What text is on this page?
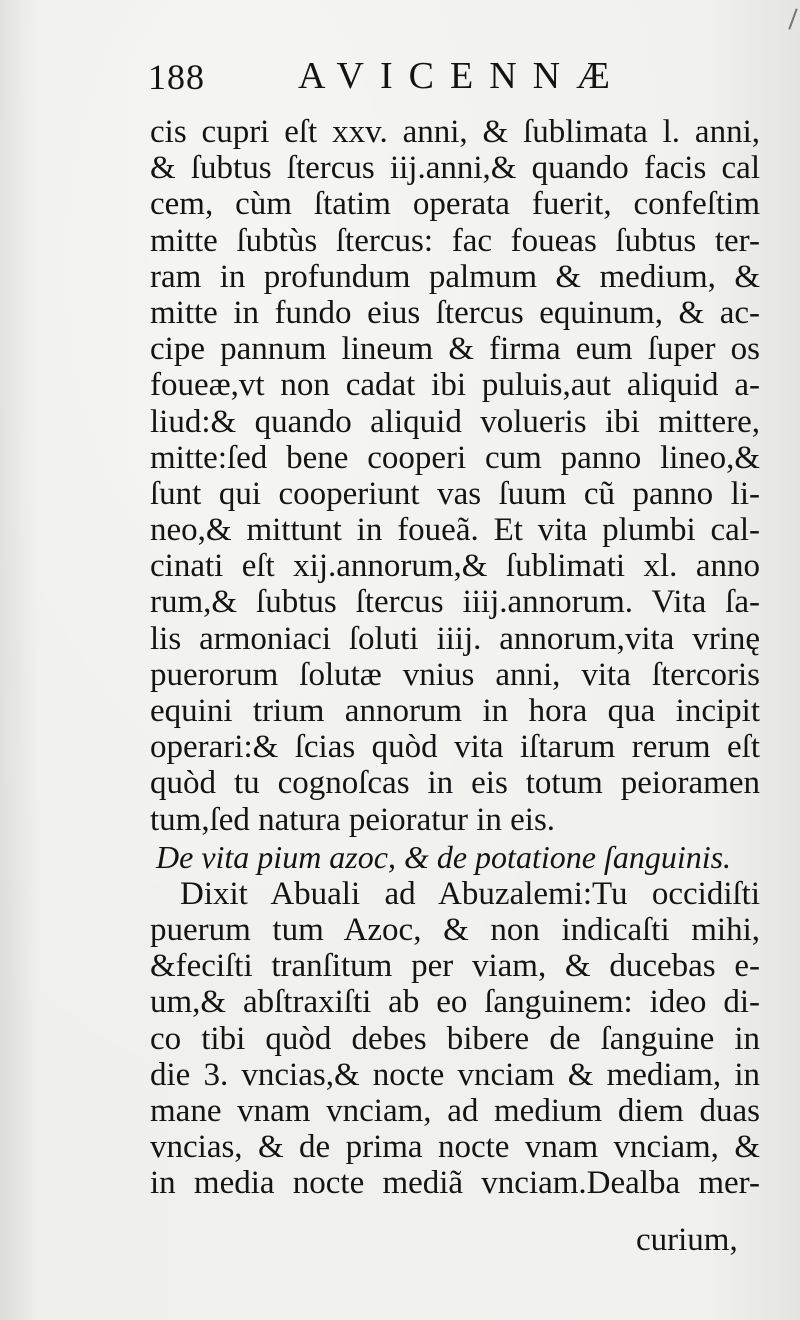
188 AVICENNÆ
cis cupri eſt xxv. anni, & ſublimata l. anni,
& ſubtus ſtercus iij.anni,& quando facis cal
cem, cùm ſtatim operata fuerit, confeſtim
mitte ſubtùs ſtercus: fac foueas ſubtus ter-
ram in profundum palmum & medium, &
mitte in fundo eius ſtercus equinum, & ac-
cipe pannum lineum & firma eum ſuper os
foueæ,vt non cadat ibi puluis,aut aliquid a-
liud:& quando aliquid volueris ibi mittere,
mitte:ſed bene cooperi cum panno lineo,&
ſunt qui cooperiunt vas ſuum cũ panno li-
neo,& mittunt in foueã. Et vita plumbi cal-
cinati eſt xij.annorum,& ſublimati xl. anno
rum,& ſubtus ſtercus iiij.annorum. Vita ſa-
lis armoniaci ſoluti iiij. annorum,vita vrinę
puerorum ſolutæ vnius anni, vita ſtercoris
equini trium annorum in hora qua incipit
operari:& ſcias quòd vita iſtarum rerum eſt
quòd tu cognoſcas in eis totum peioramen
tum,ſed natura peioratur in eis.
De vita pium azoc, & de potatione ſanguinis.
Dixit Abuali ad Abuzalemi:Tu occidiſti
puerum tum Azoc, & non indicaſti mihi,
&feciſti tranſitum per viam, & ducebas e-
um,& abſtraxiſti ab eo ſanguinem: ideo di-
co tibi quòd debes bibere de ſanguine in
die 3. vncias,& nocte vnciam & mediam, in
mane vnam vnciam, ad medium diem duas
vncias, & de prima nocte vnam vnciam, &
in media nocte mediã vnciam.Dealba mer-
curium,
